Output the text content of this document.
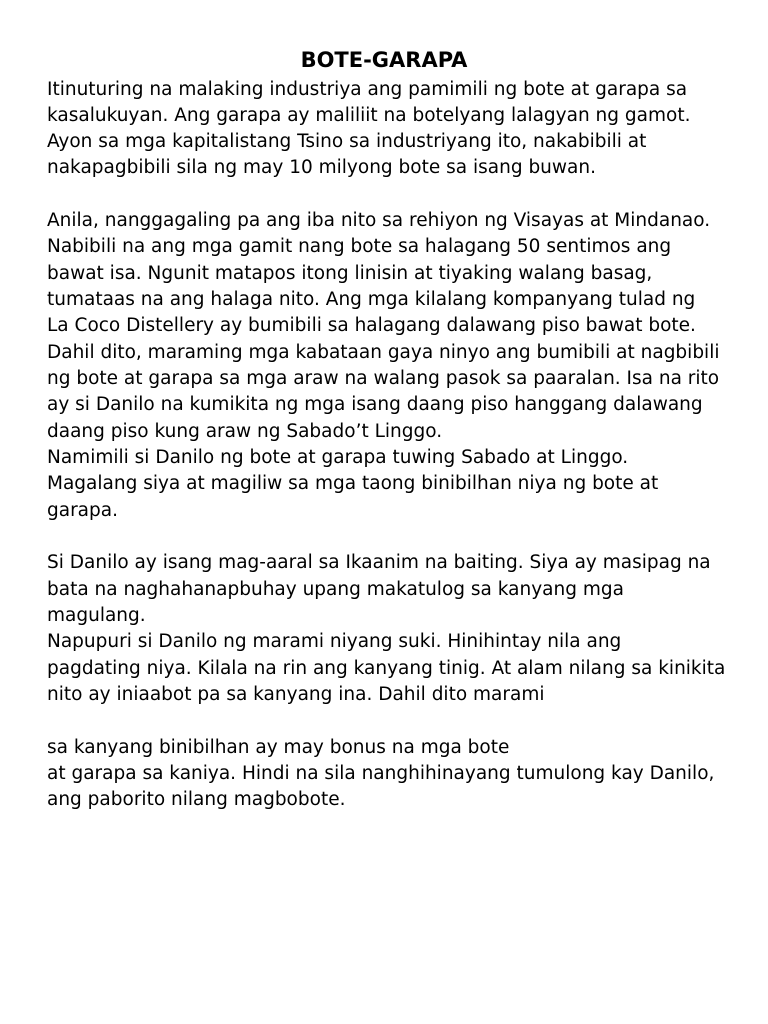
BOTE-GARAPA

Itinuturing na malaking industriya ang pamimili ng bote at garapa sa

kasalukuyan. Ang garapa ay maliliit na botelyang lalagyan ng gamot.

Ayon sa mga kapitalistang Tsino sa industriyang ito, nakabibili at

nakapagbibili sila ng may 10 milyong bote sa isang buwan.

Anila, nanggagaling pa ang iba nito sa rehiyon ng Visayas at Mindanao.

Nabibili na ang mga gamit nang bote sa halagang 50 sentimos ang

bawat isa. Ngunit matapos itong linisin at tiyaking walang basag,

tumataas na ang halaga nito. Ang mga kilalang kompanyang tulad ng

La Coco Distellery ay bumibili sa halagang dalawang piso bawat bote.

Dahil dito, maraming mga kabataan gaya ninyo ang bumibili at nagbibili

ng bote at garapa sa mga araw na walang pasok sa paaralan. Isa na rito

ay si Danilo na kumikita ng mga isang daang piso hanggang dalawang

daang piso kung araw ng Sabado’t Linggo.

Namimili si Danilo ng bote at garapa tuwing Sabado at Linggo.

Magalang siya at magiliw sa mga taong binibilhan niya ng bote at

garapa.

Si Danilo ay isang mag-aaral sa Ikaanim na baiting. Siya ay masipag na

bata na naghahanapbuhay upang makatulog sa kanyang mga

magulang.

Napupuri si Danilo ng marami niyang suki. Hinihintay nila ang

pagdating niya. Kilala na rin ang kanyang tinig. At alam nilang sa kinikita

nito ay iniaabot pa sa kanyang ina. Dahil dito marami

sa kanyang binibilhan ay may bonus na mga bote

at garapa sa kaniya. Hindi na sila nanghihinayang tumulong kay Danilo,

ang paborito nilang magbobote.
